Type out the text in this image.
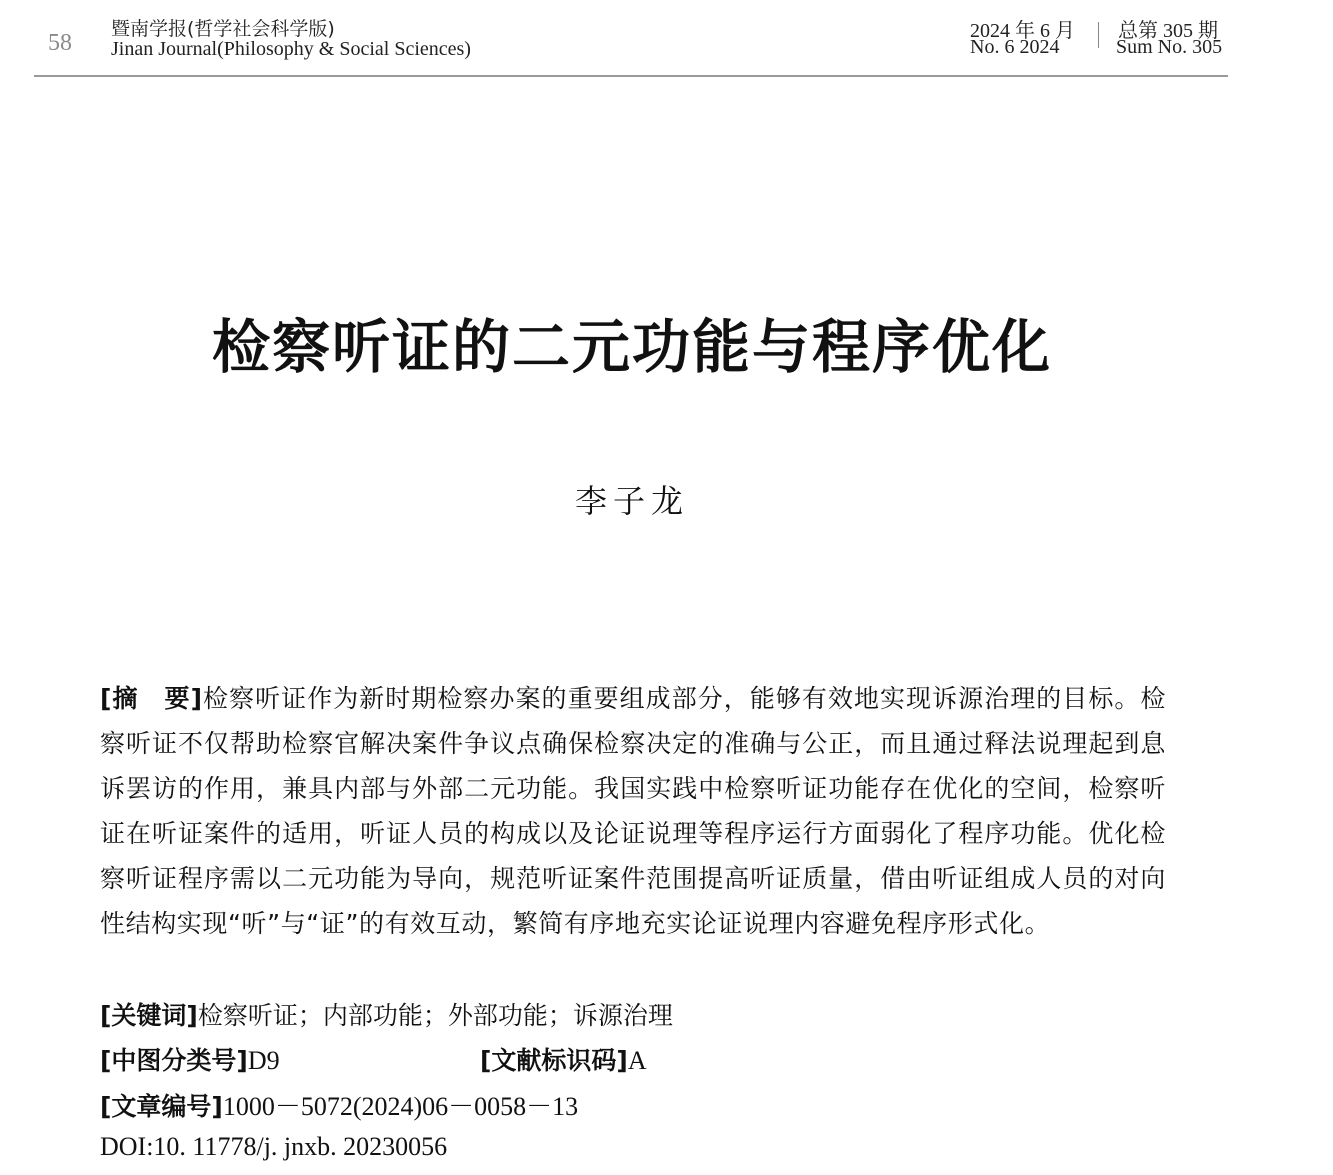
58
暨南学报(哲学社会科学版)
Jinan Journal(Philosophy & Social Sciences)
2024 年 6 月
No. 6 2024
总第 305 期
Sum No. 305
检察听证的二元功能与程序优化
李子龙
[摘　要]检察听证作为新时期检察办案的重要组成部分，能够有效地实现诉源治理的目标。检察听证不仅帮助检察官解决案件争议点确保检察决定的准确与公正，而且通过释法说理起到息诉罢访的作用，兼具内部与外部二元功能。我国实践中检察听证功能存在优化的空间，检察听证在听证案件的适用，听证人员的构成以及论证说理等程序运行方面弱化了程序功能。优化检察听证程序需以二元功能为导向，规范听证案件范围提高听证质量，借由听证组成人员的对向性结构实现“听”与“证”的有效互动，繁简有序地充实论证说理内容避免程序形式化。
[关键词]检察听证；内部功能；外部功能；诉源治理
[中图分类号]D9	[文献标识码]A
[文章编号]1000－5072(2024)06－0058－13
DOI:10. 11778/j. jnxb. 20230056
